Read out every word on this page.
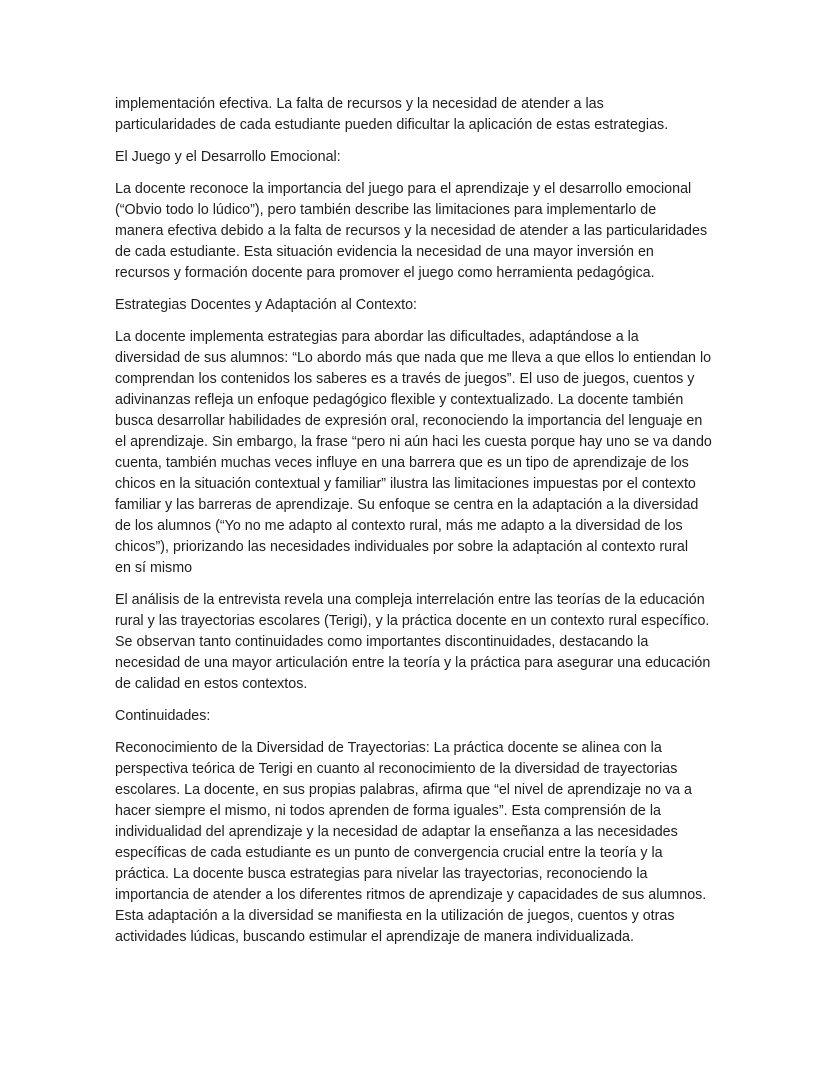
implementación efectiva. La falta de recursos y la necesidad de atender a las
particularidades de cada estudiante pueden dificultar la aplicación de estas estrategias.

El Juego y el Desarrollo Emocional:

La docente reconoce la importancia del juego para el aprendizaje y el desarrollo emocional
(“Obvio todo lo lúdico”), pero también describe las limitaciones para implementarlo de
manera efectiva debido a la falta de recursos y la necesidad de atender a las particularidades
de cada estudiante. Esta situación evidencia la necesidad de una mayor inversión en
recursos y formación docente para promover el juego como herramienta pedagógica.

Estrategias Docentes y Adaptación al Contexto:

La docente implementa estrategias para abordar las dificultades, adaptándose a la
diversidad de sus alumnos: “Lo abordo más que nada que me lleva a que ellos lo entiendan lo
comprendan los contenidos los saberes es a través de juegos”. El uso de juegos, cuentos y
adivinanzas refleja un enfoque pedagógico flexible y contextualizado. La docente también
busca desarrollar habilidades de expresión oral, reconociendo la importancia del lenguaje en
el aprendizaje. Sin embargo, la frase “pero ni aún haci les cuesta porque hay uno se va dando
cuenta, también muchas veces influye en una barrera que es un tipo de aprendizaje de los
chicos en la situación contextual y familiar” ilustra las limitaciones impuestas por el contexto
familiar y las barreras de aprendizaje. Su enfoque se centra en la adaptación a la diversidad
de los alumnos (“Yo no me adapto al contexto rural, más me adapto a la diversidad de los
chicos”), priorizando las necesidades individuales por sobre la adaptación al contexto rural
en sí mismo

El análisis de la entrevista revela una compleja interrelación entre las teorías de la educación
rural y las trayectorias escolares (Terigi), y la práctica docente en un contexto rural específico.
Se observan tanto continuidades como importantes discontinuidades, destacando la
necesidad de una mayor articulación entre la teoría y la práctica para asegurar una educación
de calidad en estos contextos.

Continuidades:

Reconocimiento de la Diversidad de Trayectorias: La práctica docente se alinea con la
perspectiva teórica de Terigi en cuanto al reconocimiento de la diversidad de trayectorias
escolares. La docente, en sus propias palabras, afirma que “el nivel de aprendizaje no va a
hacer siempre el mismo, ni todos aprenden de forma iguales”. Esta comprensión de la
individualidad del aprendizaje y la necesidad de adaptar la enseñanza a las necesidades
específicas de cada estudiante es un punto de convergencia crucial entre la teoría y la
práctica. La docente busca estrategias para nivelar las trayectorias, reconociendo la
importancia de atender a los diferentes ritmos de aprendizaje y capacidades de sus alumnos.
Esta adaptación a la diversidad se manifiesta en la utilización de juegos, cuentos y otras
actividades lúdicas, buscando estimular el aprendizaje de manera individualizada.
